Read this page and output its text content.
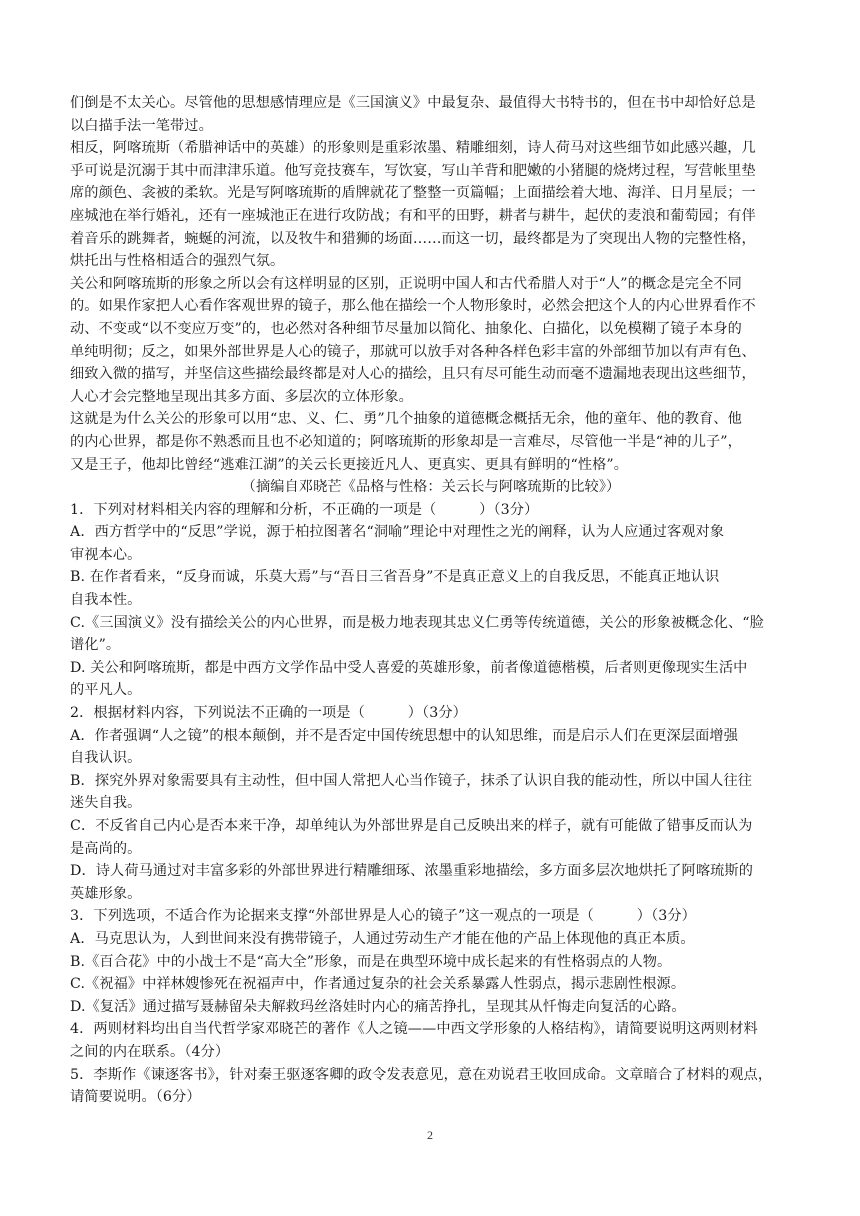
们倒是不太关心。尽管他的思想感情理应是《三国演义》中最复杂、最值得大书特书的，但在书中却恰好总是
以白描手法一笔带过。
相反，阿喀琉斯（希腊神话中的英雄）的形象则是重彩浓墨、精雕细刻，诗人荷马对这些细节如此感兴趣，几
乎可说是沉溺于其中而津津乐道。他写竞技赛车，写饮宴，写山羊背和肥嫩的小猪腿的烧烤过程，写营帐里垫
席的颜色、衾被的柔软。光是写阿喀琉斯的盾牌就花了整整一页篇幅；上面描绘着大地、海洋、日月星辰；一
座城池在举行婚礼，还有一座城池正在进行攻防战；有和平的田野，耕者与耕牛，起伏的麦浪和葡萄园；有伴
着音乐的跳舞者，蜿蜒的河流，以及牧牛和猎狮的场面……而这一切，最终都是为了突现出人物的完整性格，
烘托出与性格相适合的强烈气氛。
关公和阿喀琉斯的形象之所以会有这样明显的区别，正说明中国人和古代希腊人对于“人”的概念是完全不同
的。如果作家把人心看作客观世界的镜子，那么他在描绘一个人物形象时，必然会把这个人的内心世界看作不
动、不变或“以不变应万变”的，也必然对各种细节尽量加以简化、抽象化、白描化，以免模糊了镜子本身的
单纯明彻；反之，如果外部世界是人心的镜子，那就可以放手对各种各样色彩丰富的外部细节加以有声有色、
细致入微的描写，并坚信这些描绘最终都是对人心的描绘，且只有尽可能生动而毫不遗漏地表现出这些细节，
人心才会完整地呈现出其多方面、多层次的立体形象。
这就是为什么关公的形象可以用“忠、义、仁、勇”几个抽象的道德概念概括无余，他的童年、他的教育、他
的内心世界，都是你不熟悉而且也不必知道的；阿喀琉斯的形象却是一言难尽，尽管他一半是“神的儿子”，
又是王子，他却比曾经“逃难江湖”的关云长更接近凡人、更真实、更具有鲜明的“性格”。
（摘编自邓晓芒《品格与性格：关云长与阿喀琉斯的比较》）
1．下列对材料相关内容的理解和分析，不正确的一项是（　　　）（3分）
A．西方哲学中的“反思”学说，源于柏拉图著名“洞喻”理论中对理性之光的阐释，认为人应通过客观对象
审视本心。
B. 在作者看来，“反身而诚，乐莫大焉”与“吾日三省吾身”不是真正意义上的自我反思，不能真正地认识
自我本性。
C.《三国演义》没有描绘关公的内心世界，而是极力地表现其忠义仁勇等传统道德，关公的形象被概念化、“脸
谱化”。
D. 关公和阿喀琉斯，都是中西方文学作品中受人喜爱的英雄形象，前者像道德楷模，后者则更像现实生活中
的平凡人。
2．根据材料内容，下列说法不正确的一项是（　　　）（3分）
A．作者强调“人之镜”的根本颠倒，并不是否定中国传统思想中的认知思维，而是启示人们在更深层面增强
自我认识。
B．探究外界对象需要具有主动性，但中国人常把人心当作镜子，抹杀了认识自我的能动性，所以中国人往往
迷失自我。
C．不反省自己内心是否本来干净，却单纯认为外部世界是自己反映出来的样子，就有可能做了错事反而认为
是高尚的。
D．诗人荷马通过对丰富多彩的外部世界进行精雕细琢、浓墨重彩地描绘，多方面多层次地烘托了阿喀琉斯的
英雄形象。
3．下列选项，不适合作为论据来支撑“外部世界是人心的镜子”这一观点的一项是（　　　）（3分）
A．马克思认为，人到世间来没有携带镜子，人通过劳动生产才能在他的产品上体现他的真正本质。
B.《百合花》中的小战士不是“高大全”形象，而是在典型环境中成长起来的有性格弱点的人物。
C.《祝福》中祥林嫂惨死在祝福声中，作者通过复杂的社会关系暴露人性弱点，揭示悲剧性根源。
D.《复活》通过描写聂赫留朵夫解救玛丝洛娃时内心的痛苦挣扎，呈现其从忏悔走向复活的心路。
4．两则材料均出自当代哲学家邓晓芒的著作《人之镜——中西文学形象的人格结构》，请简要说明这两则材料
之间的内在联系。（4分）
5．李斯作《谏逐客书》，针对秦王驱逐客卿的政令发表意见，意在劝说君王收回成命。文章暗合了材料的观点，
请简要说明。（6分）
2
